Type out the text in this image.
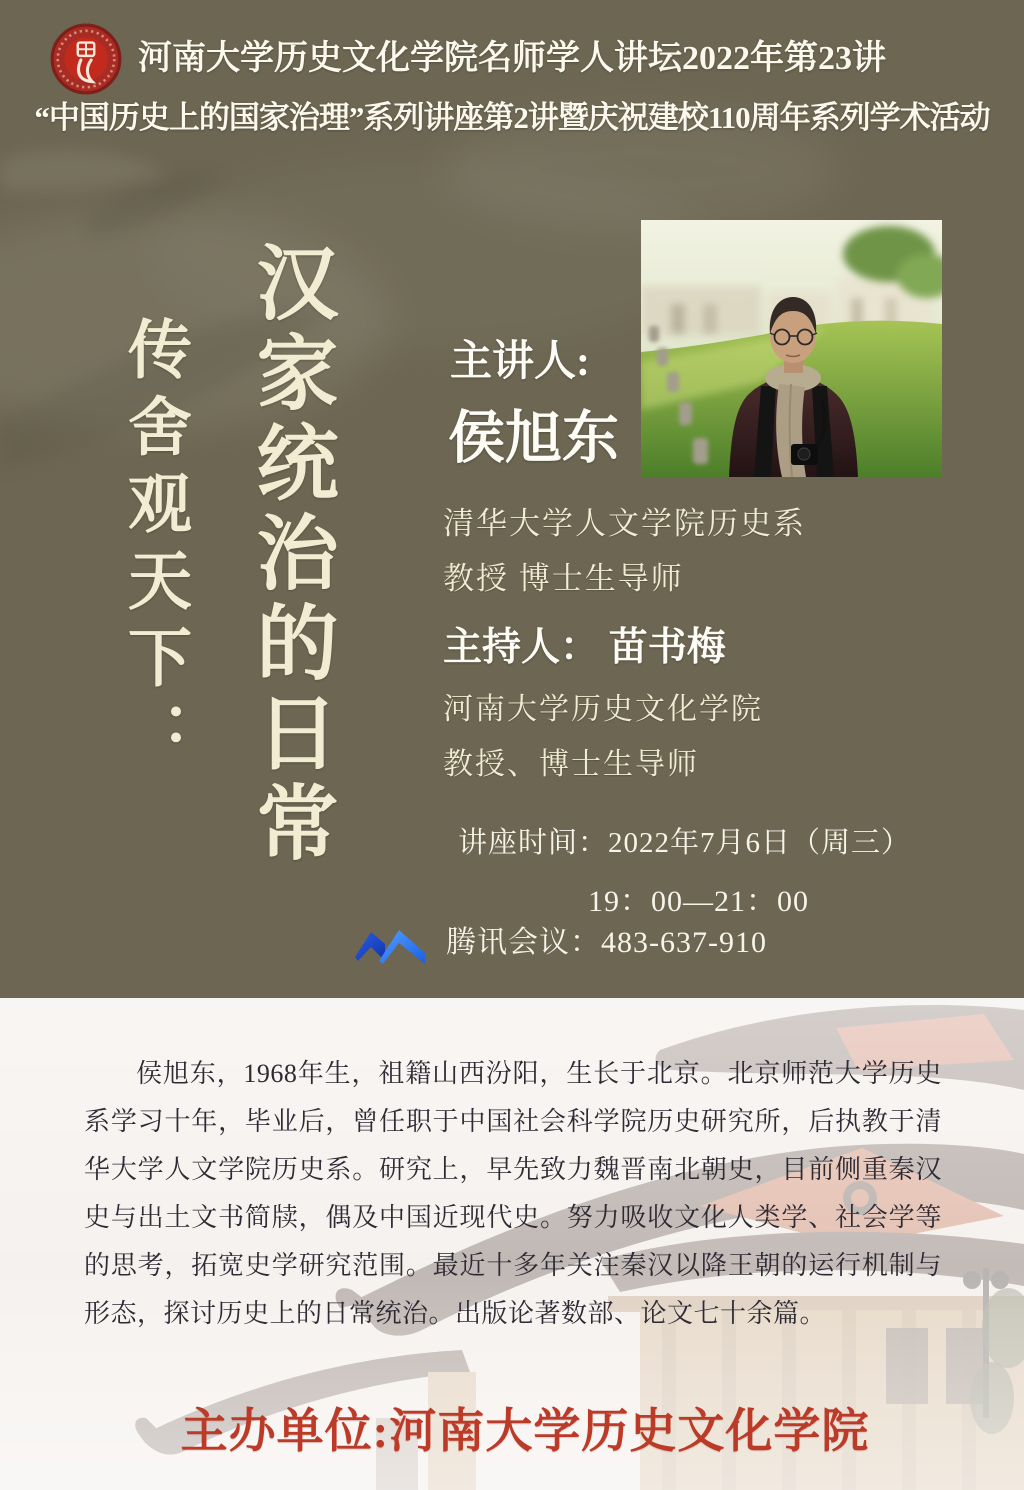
河南大学历史文化学院名师学人讲坛2022年第23讲
“中国历史上的国家治理”系列讲座第2讲暨庆祝建校110周年系列学术活动
汉家统治的日常
传舍观天下：	主讲人:
侯旭东
清华大学人文学院历史系
教授 博士生导师
主持人： 苗书梅
河南大学历史文化学院
教授、博士生导师
讲座时间：2022年7月6日（周三）
19：00—21：00
腾讯会议：483-637-910

侯旭东，1968年生，祖籍山西汾阳，生长于北京。北京师范大学历史系学习十年，毕业后，曾任职于中国社会科学院历史研究所，后执教于清华大学人文学院历史系。研究上，早先致力魏晋南北朝史，目前侧重秦汉史与出土文书简牍，偶及中国近现代史。努力吸收文化人类学、社会学等的思考，拓宽史学研究范围。最近十多年关注秦汉以降王朝的运行机制与形态，探讨历史上的日常统治。出版论著数部、论文七十余篇。

主办单位:河南大学历史文化学院
